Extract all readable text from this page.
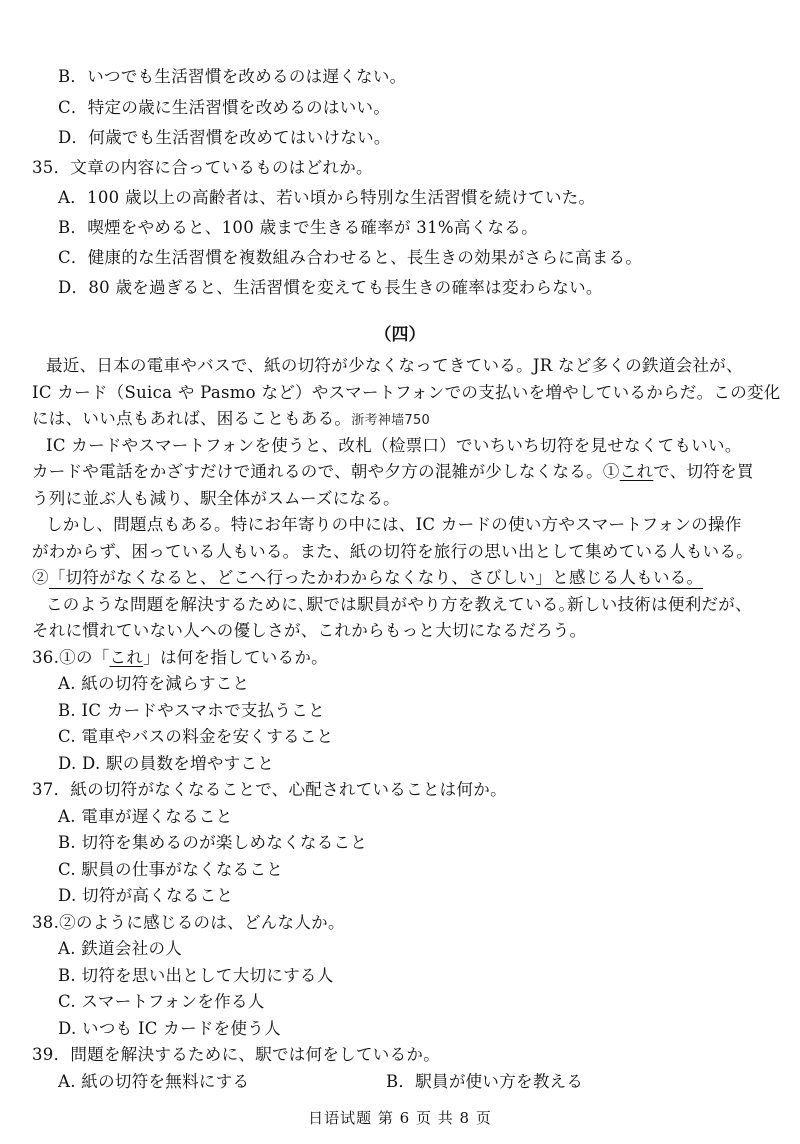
B．いつでも生活習慣を改めるのは遅くない。
C．特定の歳に生活習慣を改めるのはいい。
D．何歳でも生活習慣を改めてはいけない。
35．文章の内容に合っているものはどれか。
A．100 歳以上の高齢者は、若い頃から特別な生活習慣を続けていた。
B．喫煙をやめると、100 歳まで生きる確率が 31%高くなる。
C．健康的な生活習慣を複数組み合わせると、長生きの効果がさらに高まる。
D．80 歳を過ぎると、生活習慣を変えても長生きの確率は変わらない。
（四）
最近、日本の電車やバスで、紙の切符が少なくなってきている。JR など多くの鉄道会社が、
IC カード（Suica や Pasmo など）やスマートフォンでの支払いを増やしているからだ。この変化
には、いい点もあれば、困ることもある。浙考神墙750
IC カードやスマートフォンを使うと、改札（检票口）でいちいち切符を見せなくてもいい。
カードや電話をかざすだけで通れるので、朝や夕方の混雑が少しなくなる。①これで、切符を買
う列に並ぶ人も減り、駅全体がスムーズになる。
しかし、問題点もある。特にお年寄りの中には、IC カードの使い方やスマートフォンの操作
がわからず、困っている人もいる。また、紙の切符を旅行の思い出として集めている人もいる。
②「切符がなくなると、どこへ行ったかわからなくなり、さびしい」と感じる人もいる。
このような問題を解決するために､駅では駅員がやり方を教えている｡新しい技術は便利だが、
それに慣れていない人への優しさが、これからもっと大切になるだろう。
36.①の「これ」は何を指しているか。
A. 紙の切符を減らすこと
B. IC カードやスマホで支払うこと
C. 電車やバスの料金を安くすること
D. D. 駅の員数を増やすこと
37．紙の切符がなくなることで、心配されていることは何か。
A. 電車が遅くなること
B. 切符を集めるのが楽しめなくなること
C. 駅員の仕事がなくなること
D. 切符が高くなること
38.②のように感じるのは、どんな人か。
A. 鉄道会社の人
B. 切符を思い出として大切にする人
C. スマートフォンを作る人
D. いつも IC カードを使う人
39．問題を解決するために、駅では何をしているか。
A. 紙の切符を無料にする	B．駅員が使い方を教える
日语试题 第 6 页 共 8 页
